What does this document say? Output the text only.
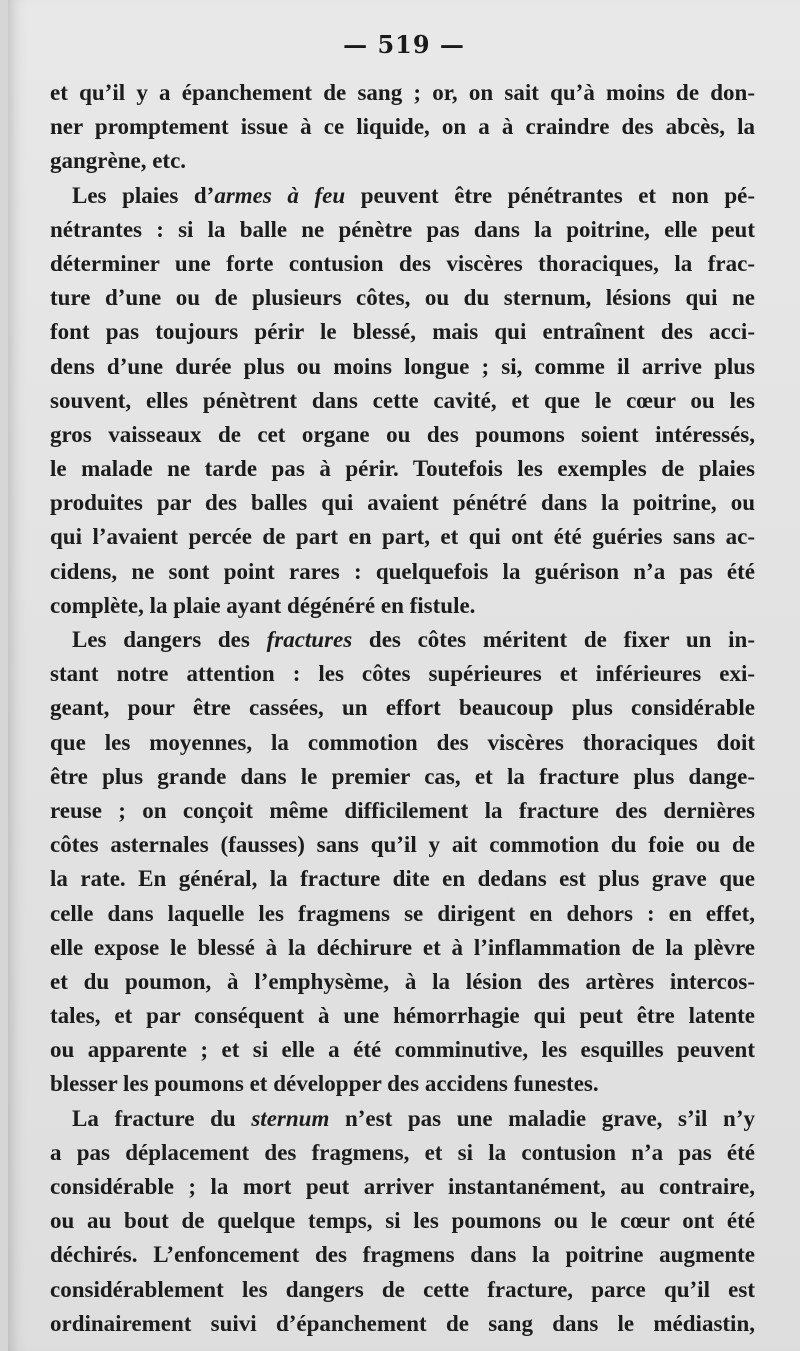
— 519 —
et qu’il y a épanchement de sang ; or, on sait qu’à moins de don-
ner promptement issue à ce liquide, on a à craindre des abcès, la
gangrène, etc.
Les plaies d’armes à feu peuvent être pénétrantes et non pé-
nétrantes : si la balle ne pénètre pas dans la poitrine, elle peut
déterminer une forte contusion des viscères thoraciques, la frac-
ture d’une ou de plusieurs côtes, ou du sternum, lésions qui ne
font pas toujours périr le blessé, mais qui entraînent des acci-
dens d’une durée plus ou moins longue ; si, comme il arrive plus
souvent, elles pénètrent dans cette cavité, et que le cœur ou les
gros vaisseaux de cet organe ou des poumons soient intéressés,
le malade ne tarde pas à périr. Toutefois les exemples de plaies
produites par des balles qui avaient pénétré dans la poitrine, ou
qui l’avaient percée de part en part, et qui ont été guéries sans ac-
cidens, ne sont point rares : quelquefois la guérison n’a pas été
complète, la plaie ayant dégénéré en fistule.
Les dangers des fractures des côtes méritent de fixer un in-
stant notre attention : les côtes supérieures et inférieures exi-
geant, pour être cassées, un effort beaucoup plus considérable
que les moyennes, la commotion des viscères thoraciques doit
être plus grande dans le premier cas, et la fracture plus dange-
reuse ; on conçoit même difficilement la fracture des dernières
côtes asternales (fausses) sans qu’il y ait commotion du foie ou de
la rate. En général, la fracture dite en dedans est plus grave que
celle dans laquelle les fragmens se dirigent en dehors : en effet,
elle expose le blessé à la déchirure et à l’inflammation de la plèvre
et du poumon, à l’emphysème, à la lésion des artères intercos-
tales, et par conséquent à une hémorrhagie qui peut être latente
ou apparente ; et si elle a été comminutive, les esquilles peuvent
blesser les poumons et développer des accidens funestes.
La fracture du sternum n’est pas une maladie grave, s’il n’y
a pas déplacement des fragmens, et si la contusion n’a pas été
considérable ; la mort peut arriver instantanément, au contraire,
ou au bout de quelque temps, si les poumons ou le cœur ont été
déchirés. L’enfoncement des fragmens dans la poitrine augmente
considérablement les dangers de cette fracture, parce qu’il est
ordinairement suivi d’épanchement de sang dans le médiastin,
